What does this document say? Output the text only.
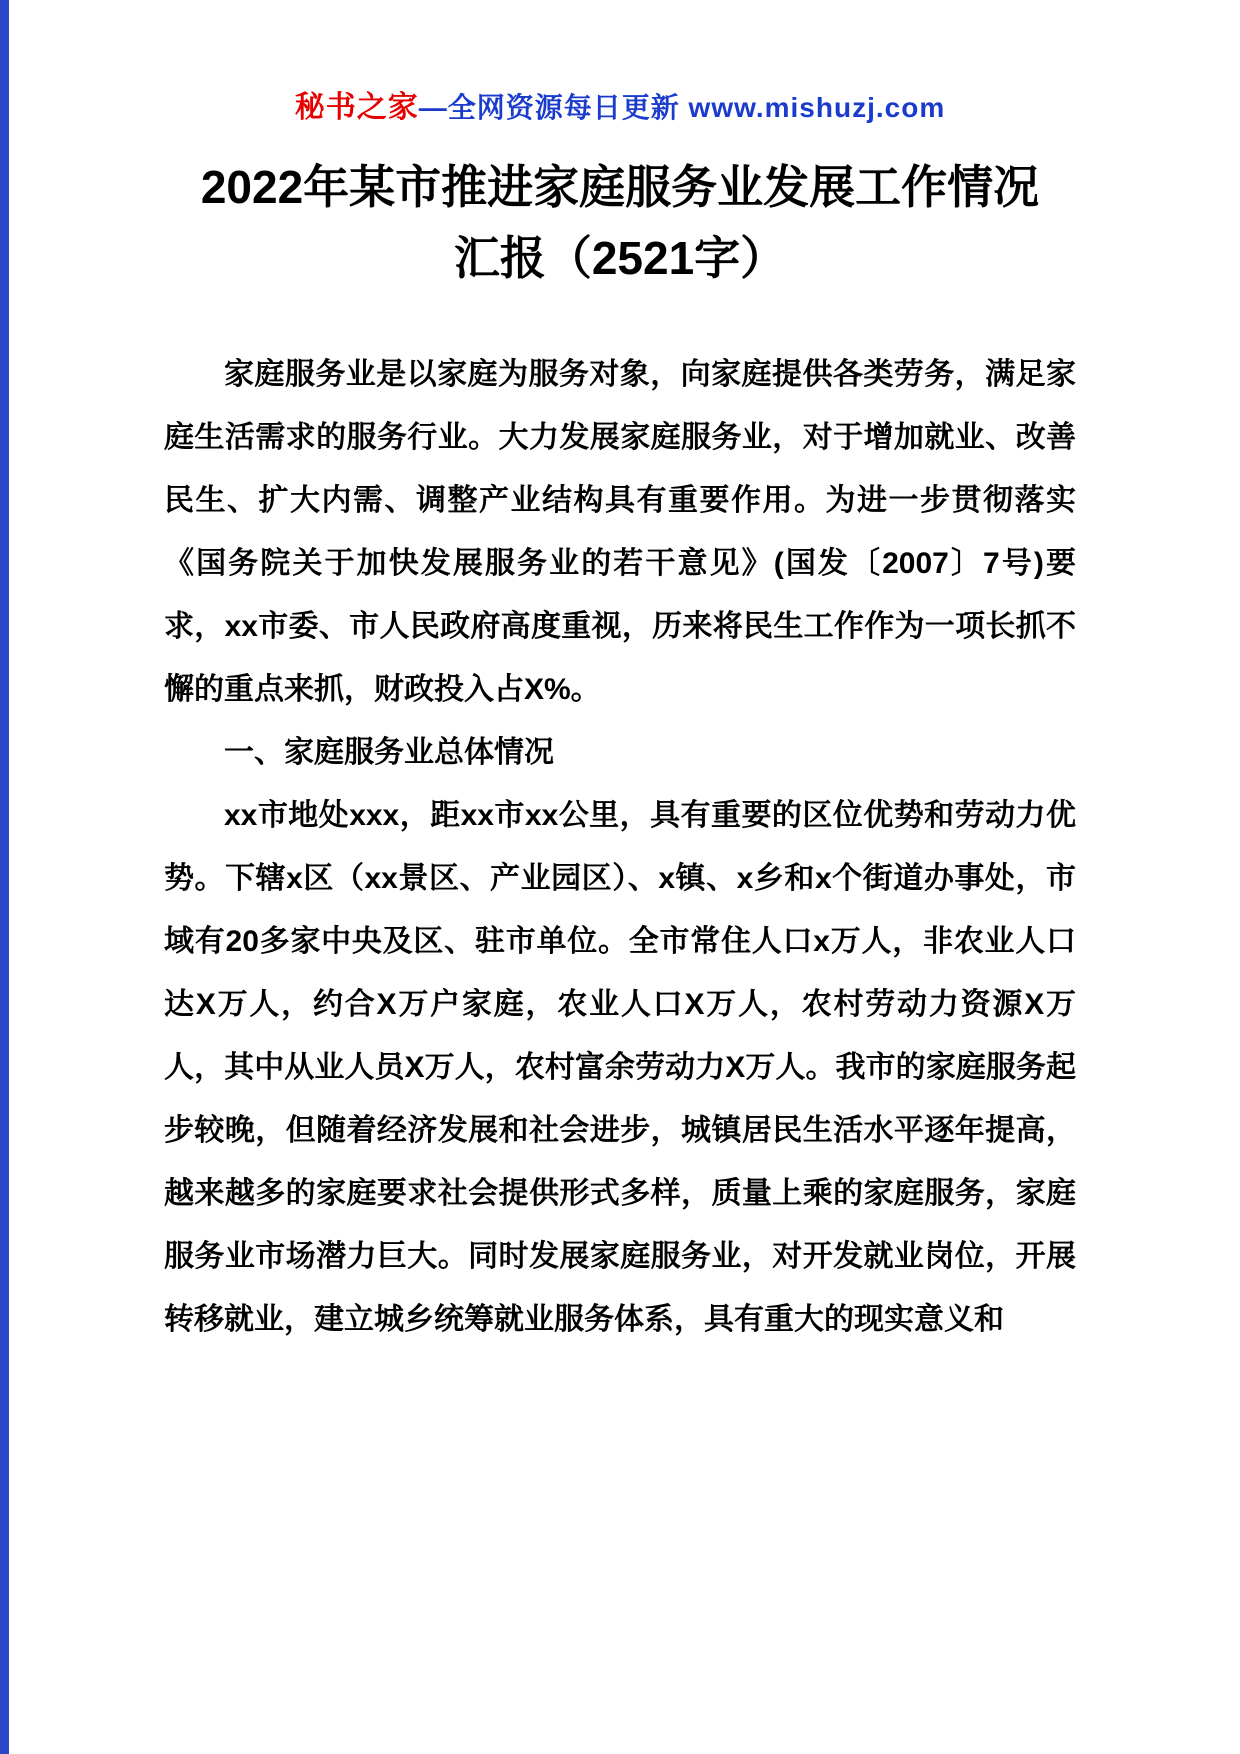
秘书之家—全网资源每日更新 www.mishuzj.com
2022年某市推进家庭服务业发展工作情况
汇报（2521字）

家庭服务业是以家庭为服务对象，向家庭提供各类劳务，满足家庭生活需求的服务行业。大力发展家庭服务业，对于增加就业、改善民生、扩大内需、调整产业结构具有重要作用。为进一步贯彻落实《国务院关于加快发展服务业的若干意见》(国发〔2007〕7号)要求，xx市委、市人民政府高度重视，历来将民生工作作为一项长抓不懈的重点来抓，财政投入占X%。

一、家庭服务业总体情况

xx市地处xxx，距xx市xx公里，具有重要的区位优势和劳动力优势。下辖x区（xx景区、产业园区）、x镇、x乡和x个街道办事处，市域有20多家中央及区、驻市单位。全市常住人口x万人，非农业人口达X万人，约合X万户家庭，农业人口X万人，农村劳动力资源X万人，其中从业人员X万人，农村富余劳动力X万人。我市的家庭服务起步较晚，但随着经济发展和社会进步，城镇居民生活水平逐年提高，越来越多的家庭要求社会提供形式多样，质量上乘的家庭服务，家庭服务业市场潜力巨大。同时发展家庭服务业，对开发就业岗位，开展转移就业，建立城乡统筹就业服务体系，具有重大的现实意义和
